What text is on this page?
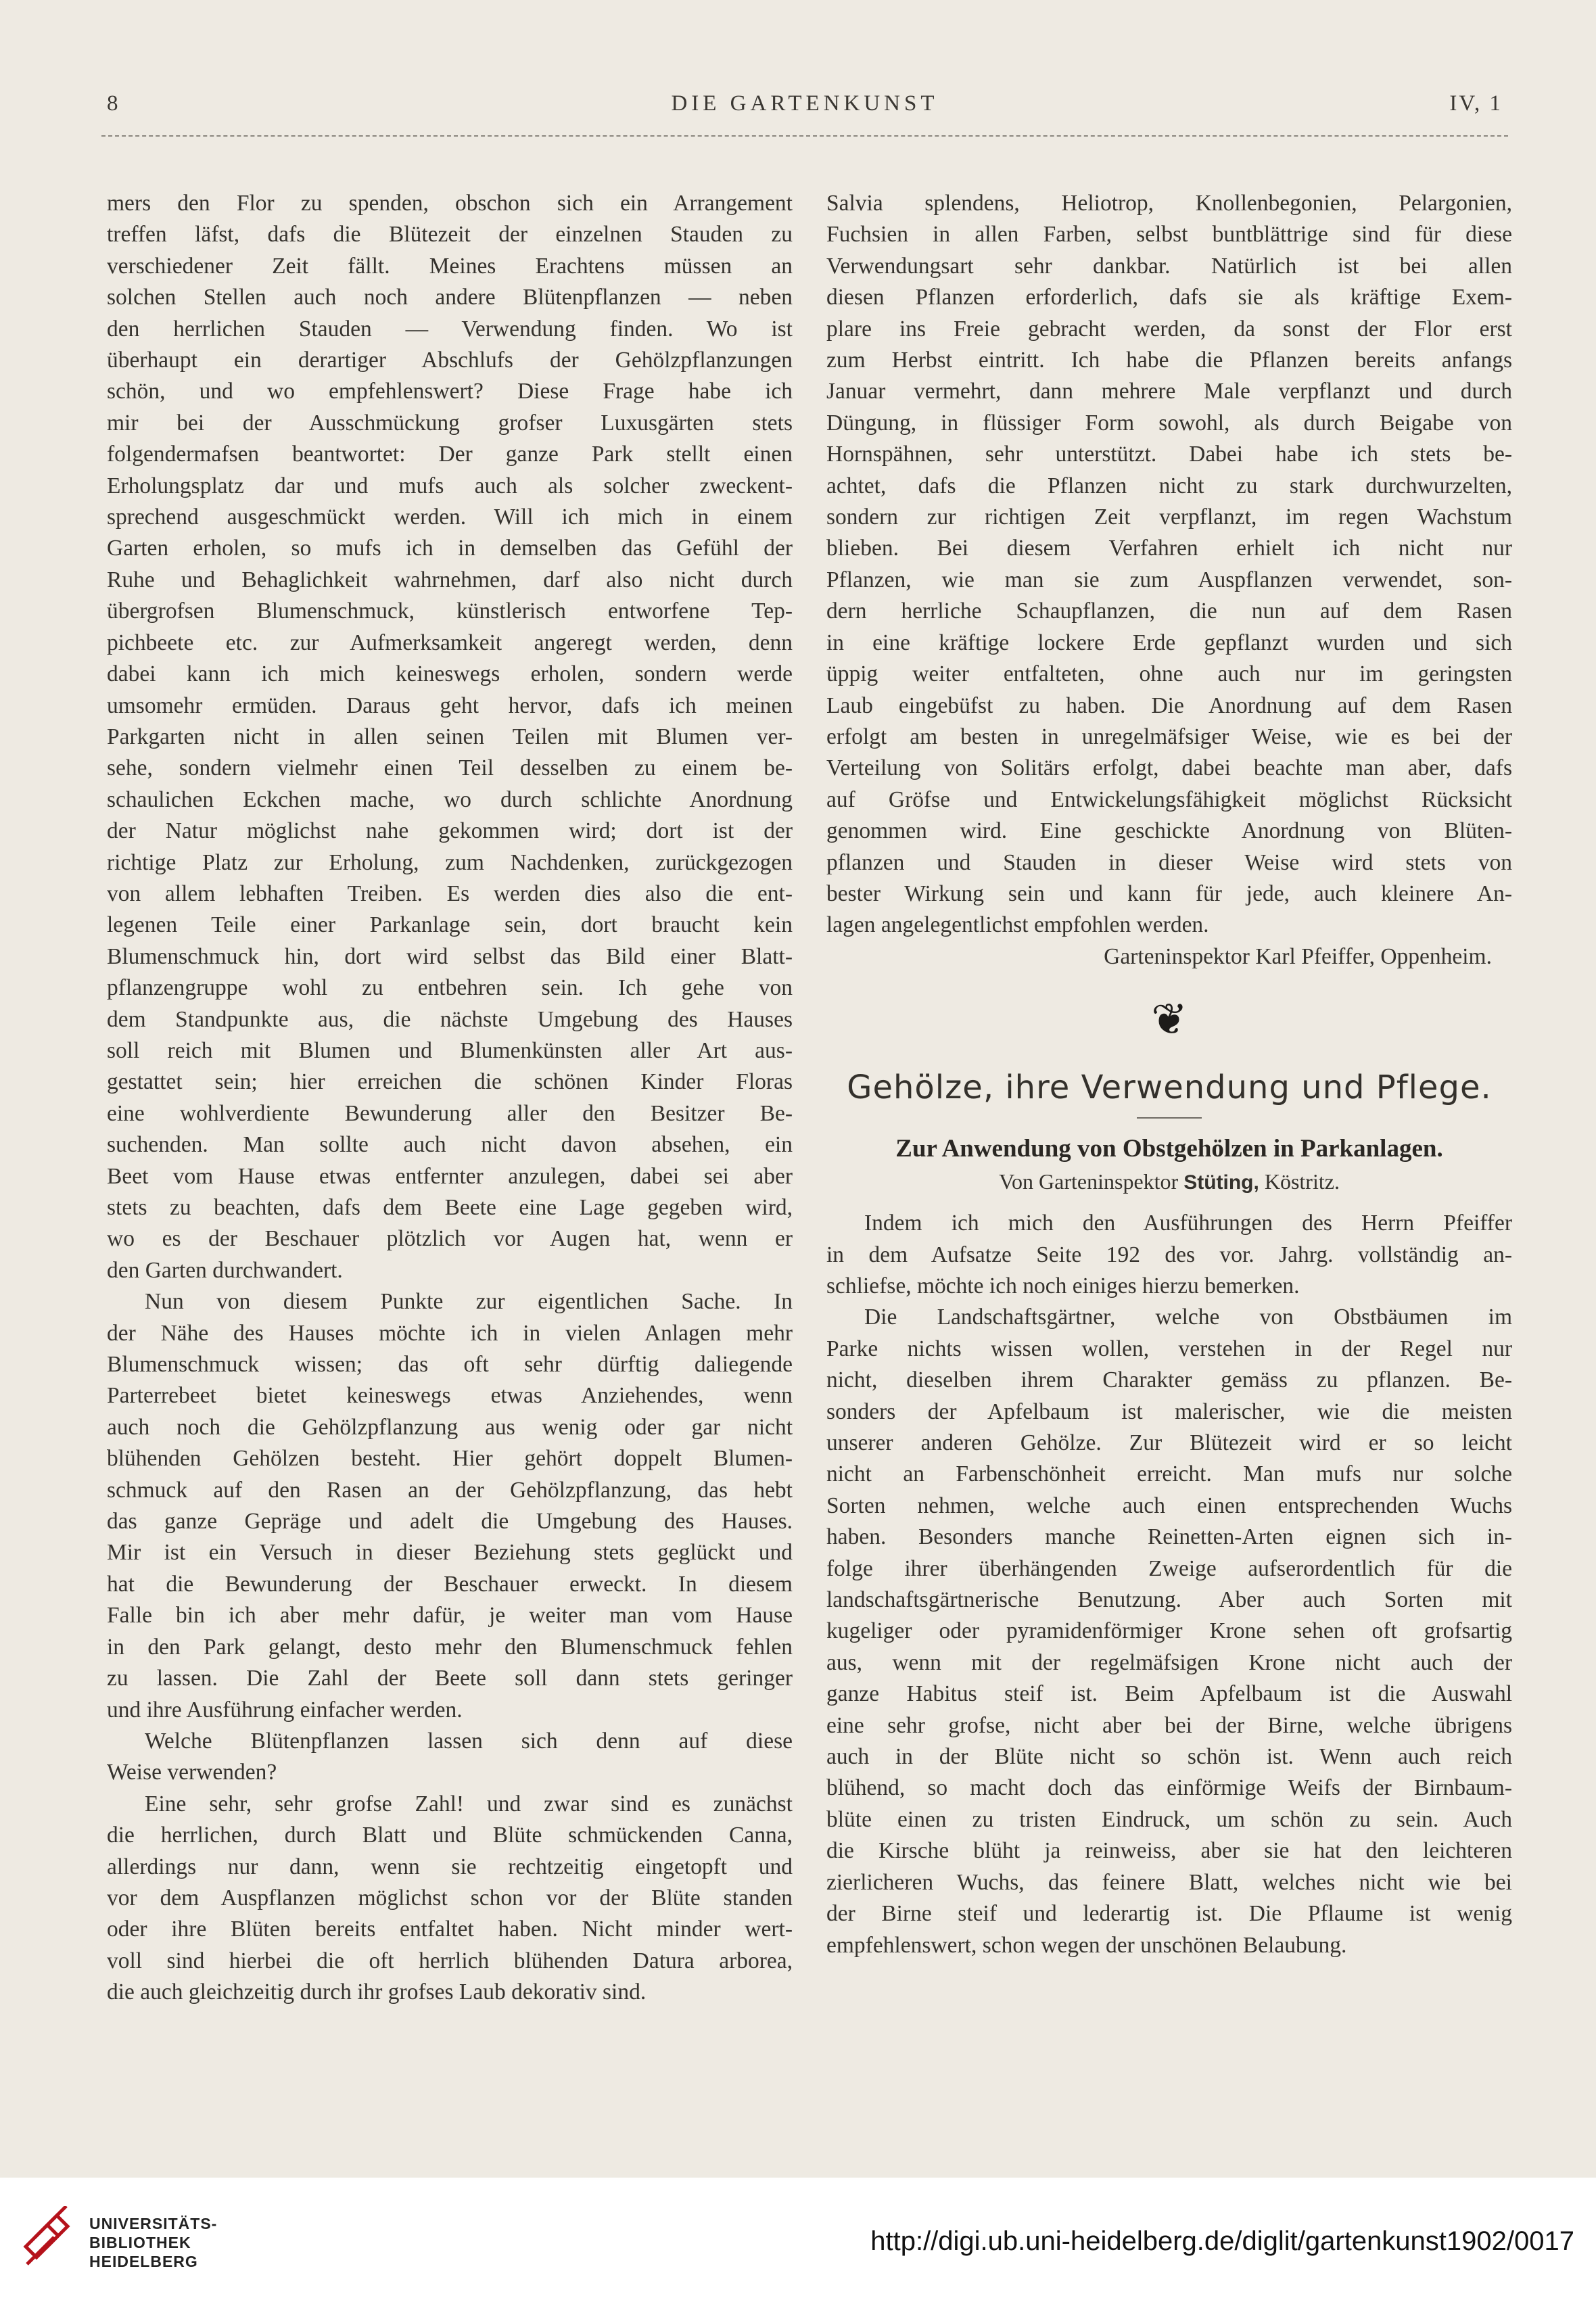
8	DIE GARTENKUNST	IV, 1

mers den Flor zu spenden, obschon sich ein Arrangement
treffen läfst, dafs die Blütezeit der einzelnen Stauden zu
verschiedener Zeit fällt. Meines Erachtens müssen an
solchen Stellen auch noch andere Blütenpflanzen — neben
den herrlichen Stauden — Verwendung finden. Wo ist
überhaupt ein derartiger Abschlufs der Gehölzpflanzungen
schön, und wo empfehlenswert? Diese Frage habe ich
mir bei der Ausschmückung grofser Luxusgärten stets
folgendermafsen beantwortet: Der ganze Park stellt einen
Erholungsplatz dar und mufs auch als solcher zweckent-
sprechend ausgeschmückt werden. Will ich mich in einem
Garten erholen, so mufs ich in demselben das Gefühl der
Ruhe und Behaglichkeit wahrnehmen, darf also nicht durch
übergrofsen Blumenschmuck, künstlerisch entworfene Tep-
pichbeete etc. zur Aufmerksamkeit angeregt werden, denn
dabei kann ich mich keineswegs erholen, sondern werde
umsomehr ermüden. Daraus geht hervor, dafs ich meinen
Parkgarten nicht in allen seinen Teilen mit Blumen ver-
sehe, sondern vielmehr einen Teil desselben zu einem be-
schaulichen Eckchen mache, wo durch schlichte Anordnung
der Natur möglichst nahe gekommen wird; dort ist der
richtige Platz zur Erholung, zum Nachdenken, zurückgezogen
von allem lebhaften Treiben. Es werden dies also die ent-
legenen Teile einer Parkanlage sein, dort braucht kein
Blumenschmuck hin, dort wird selbst das Bild einer Blatt-
pflanzengruppe wohl zu entbehren sein. Ich gehe von
dem Standpunkte aus, die nächste Umgebung des Hauses
soll reich mit Blumen und Blumenkünsten aller Art aus-
gestattet sein; hier erreichen die schönen Kinder Floras
eine wohlverdiente Bewunderung aller den Besitzer Be-
suchenden. Man sollte auch nicht davon absehen, ein
Beet vom Hause etwas entfernter anzulegen, dabei sei aber
stets zu beachten, dafs dem Beete eine Lage gegeben wird,
wo es der Beschauer plötzlich vor Augen hat, wenn er
den Garten durchwandert.

Nun von diesem Punkte zur eigentlichen Sache. In
der Nähe des Hauses möchte ich in vielen Anlagen mehr
Blumenschmuck wissen; das oft sehr dürftig daliegende
Parterrebeet bietet keineswegs etwas Anziehendes, wenn
auch noch die Gehölzpflanzung aus wenig oder gar nicht
blühenden Gehölzen besteht. Hier gehört doppelt Blumen-
schmuck auf den Rasen an der Gehölzpflanzung, das hebt
das ganze Gepräge und adelt die Umgebung des Hauses.
Mir ist ein Versuch in dieser Beziehung stets geglückt und
hat die Bewunderung der Beschauer erweckt. In diesem
Falle bin ich aber mehr dafür, je weiter man vom Hause
in den Park gelangt, desto mehr den Blumenschmuck fehlen
zu lassen. Die Zahl der Beete soll dann stets geringer
und ihre Ausführung einfacher werden.

Welche Blütenpflanzen lassen sich denn auf diese
Weise verwenden?

Eine sehr, sehr grofse Zahl! und zwar sind es zunächst
die herrlichen, durch Blatt und Blüte schmückenden Canna,
allerdings nur dann, wenn sie rechtzeitig eingetopft und
vor dem Auspflanzen möglichst schon vor der Blüte standen
oder ihre Blüten bereits entfaltet haben. Nicht minder wert-
voll sind hierbei die oft herrlich blühenden Datura arborea,
die auch gleichzeitig durch ihr grofses Laub dekorativ sind.

Salvia splendens, Heliotrop, Knollenbegonien, Pelargonien,
Fuchsien in allen Farben, selbst buntblättrige sind für diese
Verwendungsart sehr dankbar. Natürlich ist bei allen
diesen Pflanzen erforderlich, dafs sie als kräftige Exem-
plare ins Freie gebracht werden, da sonst der Flor erst
zum Herbst eintritt. Ich habe die Pflanzen bereits anfangs
Januar vermehrt, dann mehrere Male verpflanzt und durch
Düngung, in flüssiger Form sowohl, als durch Beigabe von
Hornspähnen, sehr unterstützt. Dabei habe ich stets be-
achtet, dafs die Pflanzen nicht zu stark durchwurzelten,
sondern zur richtigen Zeit verpflanzt, im regen Wachstum
blieben. Bei diesem Verfahren erhielt ich nicht nur
Pflanzen, wie man sie zum Auspflanzen verwendet, son-
dern herrliche Schaupflanzen, die nun auf dem Rasen
in eine kräftige lockere Erde gepflanzt wurden und sich
üppig weiter entfalteten, ohne auch nur im geringsten
Laub eingebüfst zu haben. Die Anordnung auf dem Rasen
erfolgt am besten in unregelmäfsiger Weise, wie es bei der
Verteilung von Solitärs erfolgt, dabei beachte man aber, dafs
auf Gröfse und Entwickelungsfähigkeit möglichst Rücksicht
genommen wird. Eine geschickte Anordnung von Blüten-
pflanzen und Stauden in dieser Weise wird stets von
bester Wirkung sein und kann für jede, auch kleinere An-
lagen angelegentlichst empfohlen werden.

Garteninspektor Karl Pfeiffer, Oppenheim.
❦
Gehölze, ihre Verwendung und Pflege.
Zur Anwendung von Obstgehölzen in Parkanlagen.
Von Garteninspektor Stüting, Köstritz.

Indem ich mich den Ausführungen des Herrn Pfeiffer
in dem Aufsatze Seite 192 des vor. Jahrg. vollständig an-
schliefse, möchte ich noch einiges hierzu bemerken.

Die Landschaftsgärtner, welche von Obstbäumen im
Parke nichts wissen wollen, verstehen in der Regel nur
nicht, dieselben ihrem Charakter gemäss zu pflanzen. Be-
sonders der Apfelbaum ist malerischer, wie die meisten
unserer anderen Gehölze. Zur Blütezeit wird er so leicht
nicht an Farbenschönheit erreicht. Man mufs nur solche
Sorten nehmen, welche auch einen entsprechenden Wuchs
haben. Besonders manche Reinetten-Arten eignen sich in-
folge ihrer überhängenden Zweige aufserordentlich für die
landschaftsgärtnerische Benutzung. Aber auch Sorten mit
kugeliger oder pyramidenförmiger Krone sehen oft grofsartig
aus, wenn mit der regelmäfsigen Krone nicht auch der
ganze Habitus steif ist. Beim Apfelbaum ist die Auswahl
eine sehr grofse, nicht aber bei der Birne, welche übrigens
auch in der Blüte nicht so schön ist. Wenn auch reich
blühend, so macht doch das einförmige Weifs der Birnbaum-
blüte einen zu tristen Eindruck, um schön zu sein. Auch
die Kirsche blüht ja reinweiss, aber sie hat den leichteren
zierlicheren Wuchs, das feinere Blatt, welches nicht wie bei
der Birne steif und lederartig ist. Die Pflaume ist wenig
empfehlenswert, schon wegen der unschönen Belaubung.

UNIVERSITÄTS-
BIBLIOTHEK
HEIDELBERG
http://digi.ub.uni-heidelberg.de/diglit/gartenkunst1902/0017
